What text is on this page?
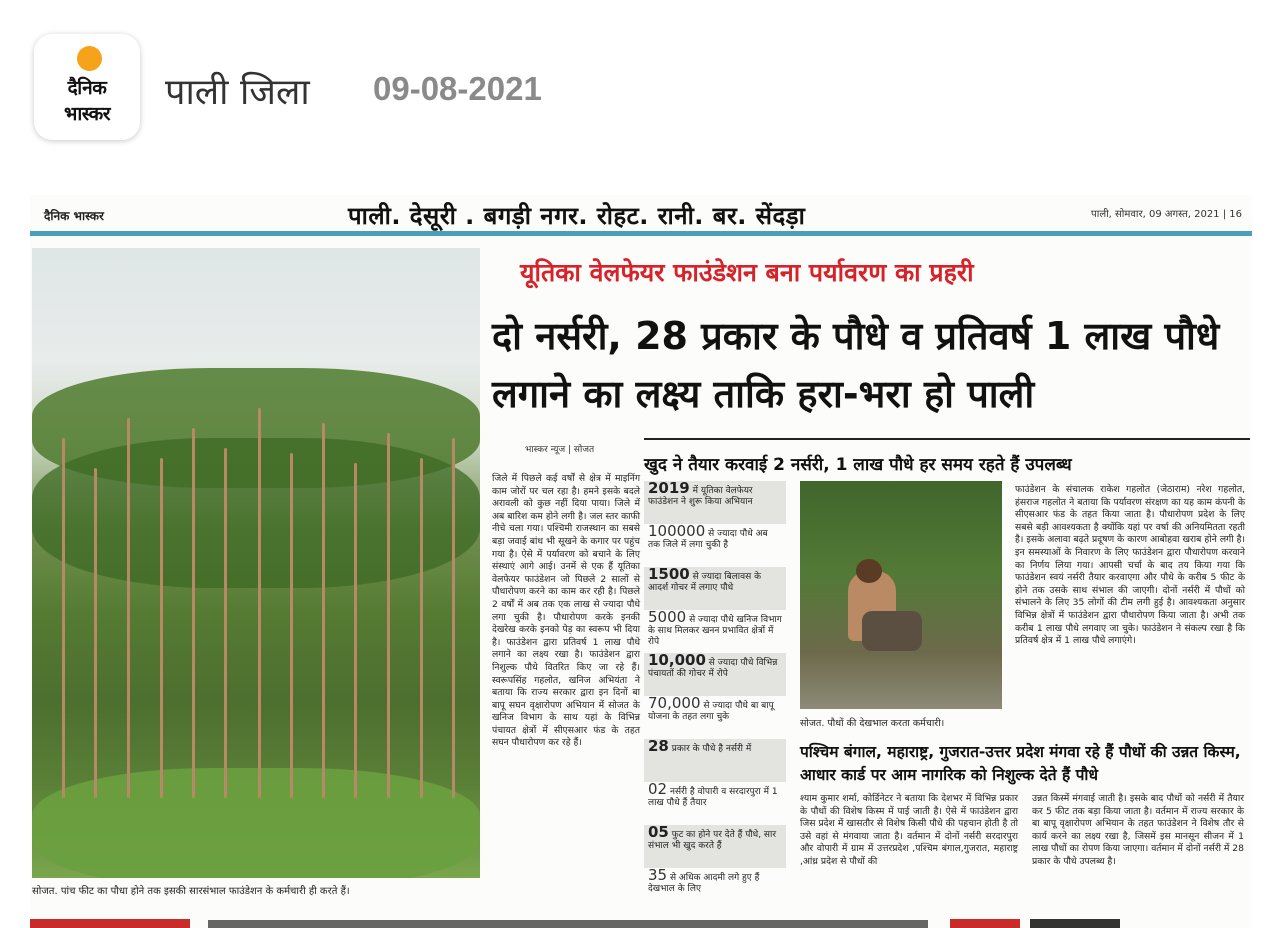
दैनिक
भास्कर
पाली जिला 09-08-2021
दैनिक भास्कर	पाली. देसूरी . बगड़ी नगर. रोहट. रानी. बर. सेंदड़ा	पाली, सोमवार, 09 अगस्त, 2021 | 16
सोजत. पांच फीट का पौधा होने तक इसकी सारसंभाल फाउंडेशन के कर्मचारी ही करते हैं।
यूतिका वेलफेयर फाउंडेशन बना पर्यावरण का प्रहरी
दो नर्सरी, 28 प्रकार के पौधे व प्रतिवर्ष 1 लाख पौधे लगाने का लक्ष्य ताकि हरा-भरा हो पाली
भास्कर न्यूज | सोजत
जिले में पिछले कई वर्षों से क्षेत्र में माइनिंग काम जोरों पर चल रहा है। हमने इसके बदले अरावली को कुछ नहीं दिया पाया। जिले में अब बारिश कम होने लगी है। जल स्तर काफी नीचे चला गया। पश्चिमी राजस्थान का सबसे बड़ा जवाई बांध भी सूखने के कगार पर पहुंच गया है। ऐसे में पर्यावरण को बचाने के लिए संस्थाएं आगे आई। उनमें से एक हैं यूतिका वेलफेयर फाउंडेशन जो पिछले 2 सालों से पौधारोपण करने का काम कर रही है। पिछले 2 वर्षों में अब तक एक लाख से ज्यादा पौधे लगा चुकी है। पौधारोपण करके इनकी देखरेख करके इनको पेड़ का स्वरूप भी दिया है। फाउंडेशन द्वारा प्रतिवर्ष 1 लाख पौधे लगाने का लक्ष्य रखा है। फाउंडेशन द्वारा निशुल्क पौधे वितरित किए जा रहे हैं। स्वरूपसिंह गहलोत, खनिज अभियंता ने बताया कि राज्य सरकार द्वारा इन दिनों बा बापू सघन वृक्षारोपण अभियान में सोजत के खनिज विभाग के साथ यहां के विभिन्न पंचायत क्षेत्रों में सीएसआर फंड के तहत सघन पौधारोपण कर रहे हैं।
खुद ने तैयार करवाई 2 नर्सरी, 1 लाख पौधे हर समय रहते हैं उपलब्ध
2019 में यूतिका वेलफेयर फाउंडेशन ने शुरू किया अभियान
100000 से ज्यादा पौधे अब तक जिले में लगा चुकी है
1500 से ज्यादा बिलावस के आदर्श गोचर में लगाए पौधे
5000 से ज्यादा पौधे खनिज विभाग के साथ मिलकर खनन प्रभावित क्षेत्रों में रोपे
10,000 से ज्यादा पौधे विभिन्न पंचायतों की गोचर में रोपे
70,000 से ज्यादा पौधे बा बापू योजना के तहत लगा चुके
28 प्रकार के पौधे है नर्सरी में
02 नर्सरी है वोपारी व सरदारपुरा में 1 लाख पौधे हैं तैयार
05 फुट का होने पर देते हैं पौधे, सार संभाल भी खुद करते हैं
35 से अधिक आदमी लगे हुए हैं देखभाल के लिए
सोजत. पौधों की देखभाल करता कर्मचारी।
फाउंडेशन के संचालक राकेश गहलोत (जेठाराम) नरेश गहलोत, हंसराज गहलोत ने बताया कि पर्यावरण संरक्षण का यह काम कंपनी के सीएसआर फंड के तहत किया जाता है। पौधारोपण प्रदेश के लिए सबसे बड़ी आवश्यकता है क्योंकि यहां पर वर्षा की अनियमितता रहती है। इसके अलावा बढ़ते प्रदूषण के कारण आबोहवा खराब होने लगी है। इन समस्याओं के निवारण के लिए फाउंडेशन द्वारा पौधारोपण करवाने का निर्णय लिया गया। आपसी चर्चा के बाद तय किया गया कि फाउंडेशन स्वयं नर्सरी तैयार करवाएगा और पौधे के करीब 5 फीट के होने तक उसके साथ संभाल की जाएगी। दोनों नर्सरी में पौधों को संभालने के लिए 35 लोगों की टीम लगी हुई है। आवश्यकता अनुसार विभिन्न क्षेत्रों में फाउंडेशन द्वारा पौधारोपण किया जाता है। अभी तक करीब 1 लाख पौधे लगवाए जा चुके। फाउंडेशन ने संकल्प रखा है कि प्रतिवर्ष क्षेत्र में 1 लाख पौधे लगाएंगे।
पश्चिम बंगाल, महाराष्ट्र, गुजरात-उत्तर प्रदेश मंगवा रहे हैं पौधों की उन्नत किस्म, आधार कार्ड पर आम नागरिक को निशुल्क देते हैं पौधे
श्याम कुमार शर्मा, कोर्डिनेटर ने बताया कि देशभर में विभिन्न प्रकार के पौधों की विशेष किस्म में पाई जाती है। ऐसे में फाउंडेशन द्वारा जिस प्रदेश में खासतौर से विशेष किसी पौधे की पहचान होती है तो उसे वहां से मंगवाया जाता है। वर्तमान में दोनों नर्सरी सरदारपुरा और वोपारी में ग्राम में उत्तरप्रदेश ,पश्चिम बंगाल,गुजरात, महाराष्ट्र ,आंध्र प्रदेश से पौधों की
उन्नत किस्में मंगवाई जाती है। इसके बाद पौधों को नर्सरी में तैयार कर 5 फीट तक बड़ा किया जाता है। वर्तमान में राज्य सरकार के बा बापू वृक्षारोपण अभियान के तहत फाउंडेशन ने विशेष तौर से कार्य करने का लक्ष्य रखा है, जिसमें इस मानसून सीजन में 1 लाख पौधों का रोपण किया जाएगा। वर्तमान में दोनों नर्सरी में 28 प्रकार के पौधे उपलब्ध है।
